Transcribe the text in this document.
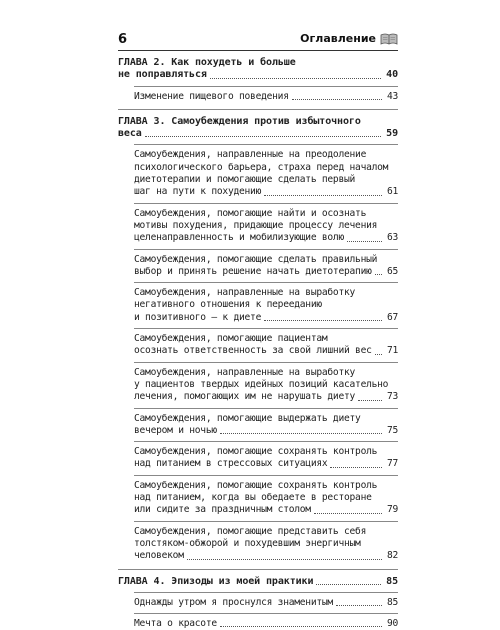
6	Оглавление
ГЛАВА 2. Как похудеть и больше
не поправляться	40
Изменение пищевого поведения	43
ГЛАВА 3. Самоубеждения против избыточного
веса	59
Самоубеждения, направленные на преодоление
психологического барьера, страха перед началом
диетотерапии и помогающие сделать первый
шаг на пути к похудению	61
Самоубеждения, помогающие найти и осознать
мотивы похудения, придающие процессу лечения
целенаправленность и мобилизующие волю	63
Самоубеждения, помогающие сделать правильный
выбор и принять решение начать диетотерапию	65
Самоубеждения, направленные на выработку
негативного отношения к перееданию
и позитивного — к диете	67
Самоубеждения, помогающие пациентам
осознать ответственность за свой лишний вес	71
Самоубеждения, направленные на выработку
у пациентов твердых идейных позиций касательно
лечения, помогающих им не нарушать диету	73
Самоубеждения, помогающие выдержать диету
вечером и ночью	75
Самоубеждения, помогающие сохранять контроль
над питанием в стрессовых ситуациях	77
Самоубеждения, помогающие сохранять контроль
над питанием, когда вы обедаете в ресторане
или сидите за праздничным столом	79
Самоубеждения, помогающие представить себя
толстяком-обжорой и похудевшим энергичным
человеком	82
ГЛАВА 4. Эпизоды из моей практики	85
Однажды утром я проснулся знаменитым	85
Мечта о красоте	90
